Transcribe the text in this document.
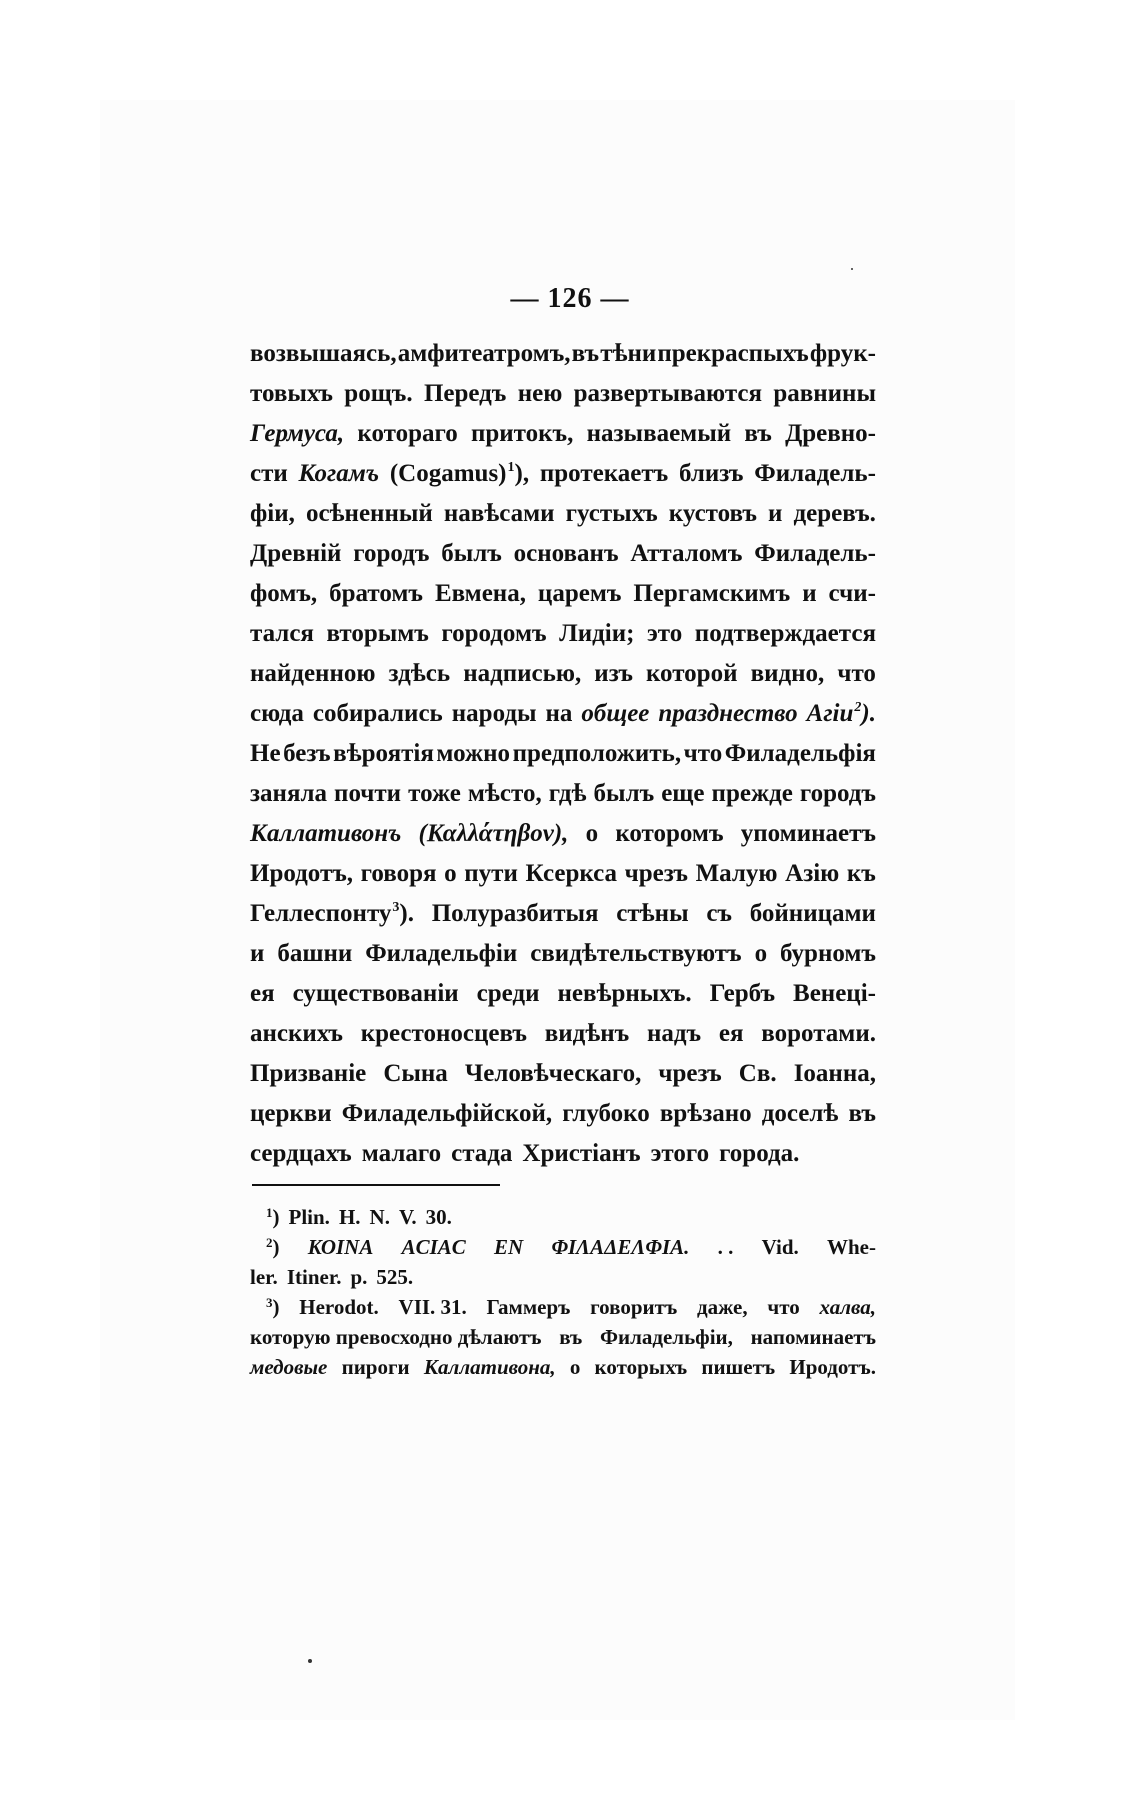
— 126 —
возвышаясь, амфитеатромъ, въ тѣни прекраспыхъ фрук-
товыхъ рощъ. Передъ нею развертываются равнины
Гермуса, котораго притокъ, называемый въ Древно-
сти Когамъ (Cogamus)$^1$), протекаетъ близъ Филадель-
фіи, осѣненный навѣсами густыхъ кустовъ и деревъ.
Древній городъ былъ основанъ Атталомъ Филадель-
фомъ, братомъ Евмена, царемъ Пергамскимъ и счи-
тался вторымъ городомъ Лидіи; это подтверждается
найденною здѣсь надписью, изъ которой видно, что
сюда собирались народы на общее празднество Агіи$^2$).
Не безъ вѣроятія можно предположить, что Филадельфія
заняла почти тоже мѣсто, гдѣ былъ еще прежде городъ
Каллативонъ (Καλλάτηβον), о которомъ упоминаетъ
Иродотъ, говоря о пути Ксеркса чрезъ Малую Азію къ
Геллеспонту$^3$). Полуразбитыя стѣны съ бойницами
и башни Филадельфіи свидѣтельствуютъ о бурномъ
ея существованіи среди невѣрныхъ. Гербъ Венеці-
анскихъ крестоносцевъ видѣнъ надъ ея воротами.
Призваніе Сына Человѣческаго, чрезъ Св. Іоанна,
церкви Филадельфійской, глубоко врѣзано доселѣ въ
сердцахъ малаго стада Христіанъ этого города.
$^1$) Plin. H. N. V. 30.
$^2$) ΚΟΙΝΑ ΑCIAC EN ΦΙΛΑΔΕΛΦΙΑ. . . Vid. Whe-
ler. Itiner. p. 525.
$^3$) Herodot. VII. 31. Гаммеръ говоритъ даже, что халва,
которую превосходно дѣлаютъ въ Филадельфіи, напоминаетъ
медовые пироги Каллативона, о которыхъ пишетъ Иродотъ.
